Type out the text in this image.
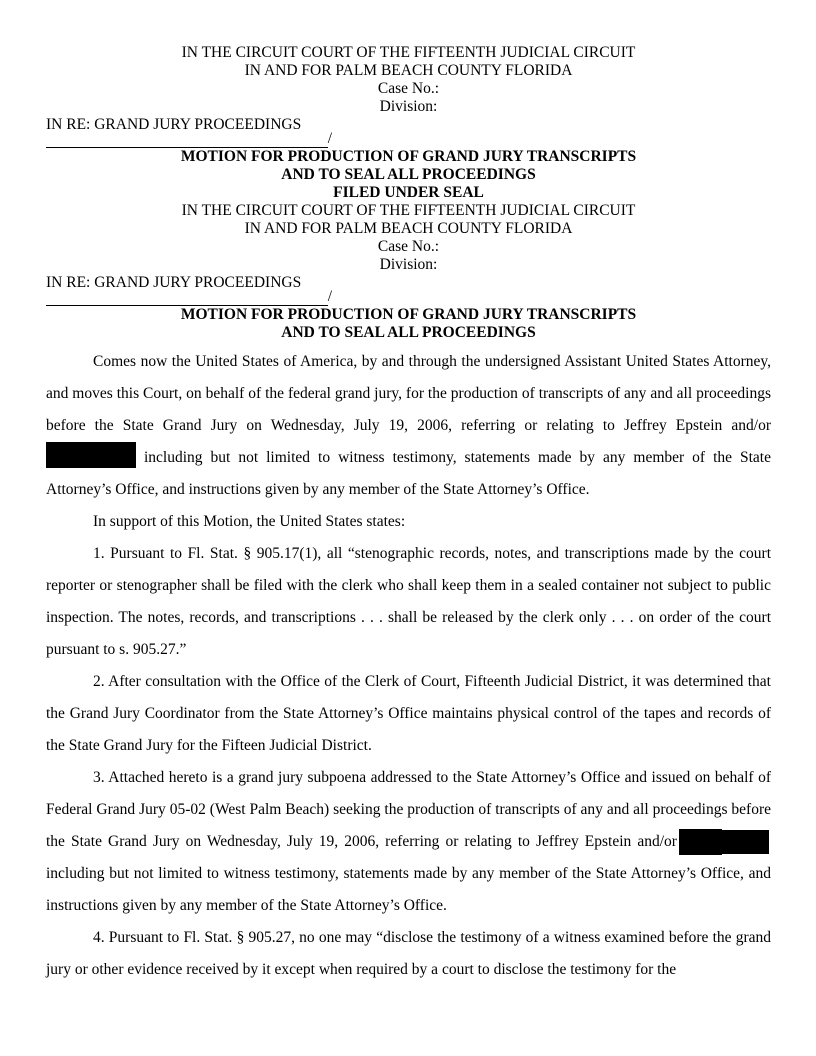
IN THE CIRCUIT COURT OF THE FIFTEENTH JUDICIAL CIRCUIT
IN AND FOR PALM BEACH COUNTY FLORIDA
Case No.:
Division:
IN RE: GRAND JURY PROCEEDINGS
/
MOTION FOR PRODUCTION OF GRAND JURY TRANSCRIPTS
AND TO SEAL ALL PROCEEDINGS
FILED UNDER SEAL
IN THE CIRCUIT COURT OF THE FIFTEENTH JUDICIAL CIRCUIT
IN AND FOR PALM BEACH COUNTY FLORIDA
Case No.:
Division:
IN RE: GRAND JURY PROCEEDINGS
/
MOTION FOR PRODUCTION OF GRAND JURY TRANSCRIPTS
AND TO SEAL ALL PROCEEDINGS

Comes now the United States of America, by and through the undersigned Assistant United States Attorney, and moves this Court, on behalf of the federal grand jury, for the production of transcripts of any and all proceedings before the State Grand Jury on Wednesday, July 19, 2006, referring or relating to Jeffrey Epstein and/or including but not limited to witness testimony, statements made by any member of the State Attorney’s Office, and instructions given by any member of the State Attorney’s Office.

In support of this Motion, the United States states:

1. Pursuant to Fl. Stat. § 905.17(1), all “stenographic records, notes, and transcriptions made by the court reporter or stenographer shall be filed with the clerk who shall keep them in a sealed container not subject to public inspection. The notes, records, and transcriptions . . . shall be released by the clerk only . . . on order of the court pursuant to s. 905.27.”

2. After consultation with the Office of the Clerk of Court, Fifteenth Judicial District, it was determined that the Grand Jury Coordinator from the State Attorney’s Office maintains physical control of the tapes and records of the State Grand Jury for the Fifteen Judicial District.

3. Attached hereto is a grand jury subpoena addressed to the State Attorney’s Office and issued on behalf of Federal Grand Jury 05-02 (West Palm Beach) seeking the production of transcripts of any and all proceedings before the State Grand Jury on Wednesday, July 19, 2006, referring or relating to Jeffrey Epstein and/or  including but not limited to witness testimony, statements made by any member of the State Attorney’s Office, and instructions given by any member of the State Attorney’s Office.

4. Pursuant to Fl. Stat. § 905.27, no one may “disclose the testimony of a witness examined before the grand jury or other evidence received by it except when required by a court to disclose the testimony for the
